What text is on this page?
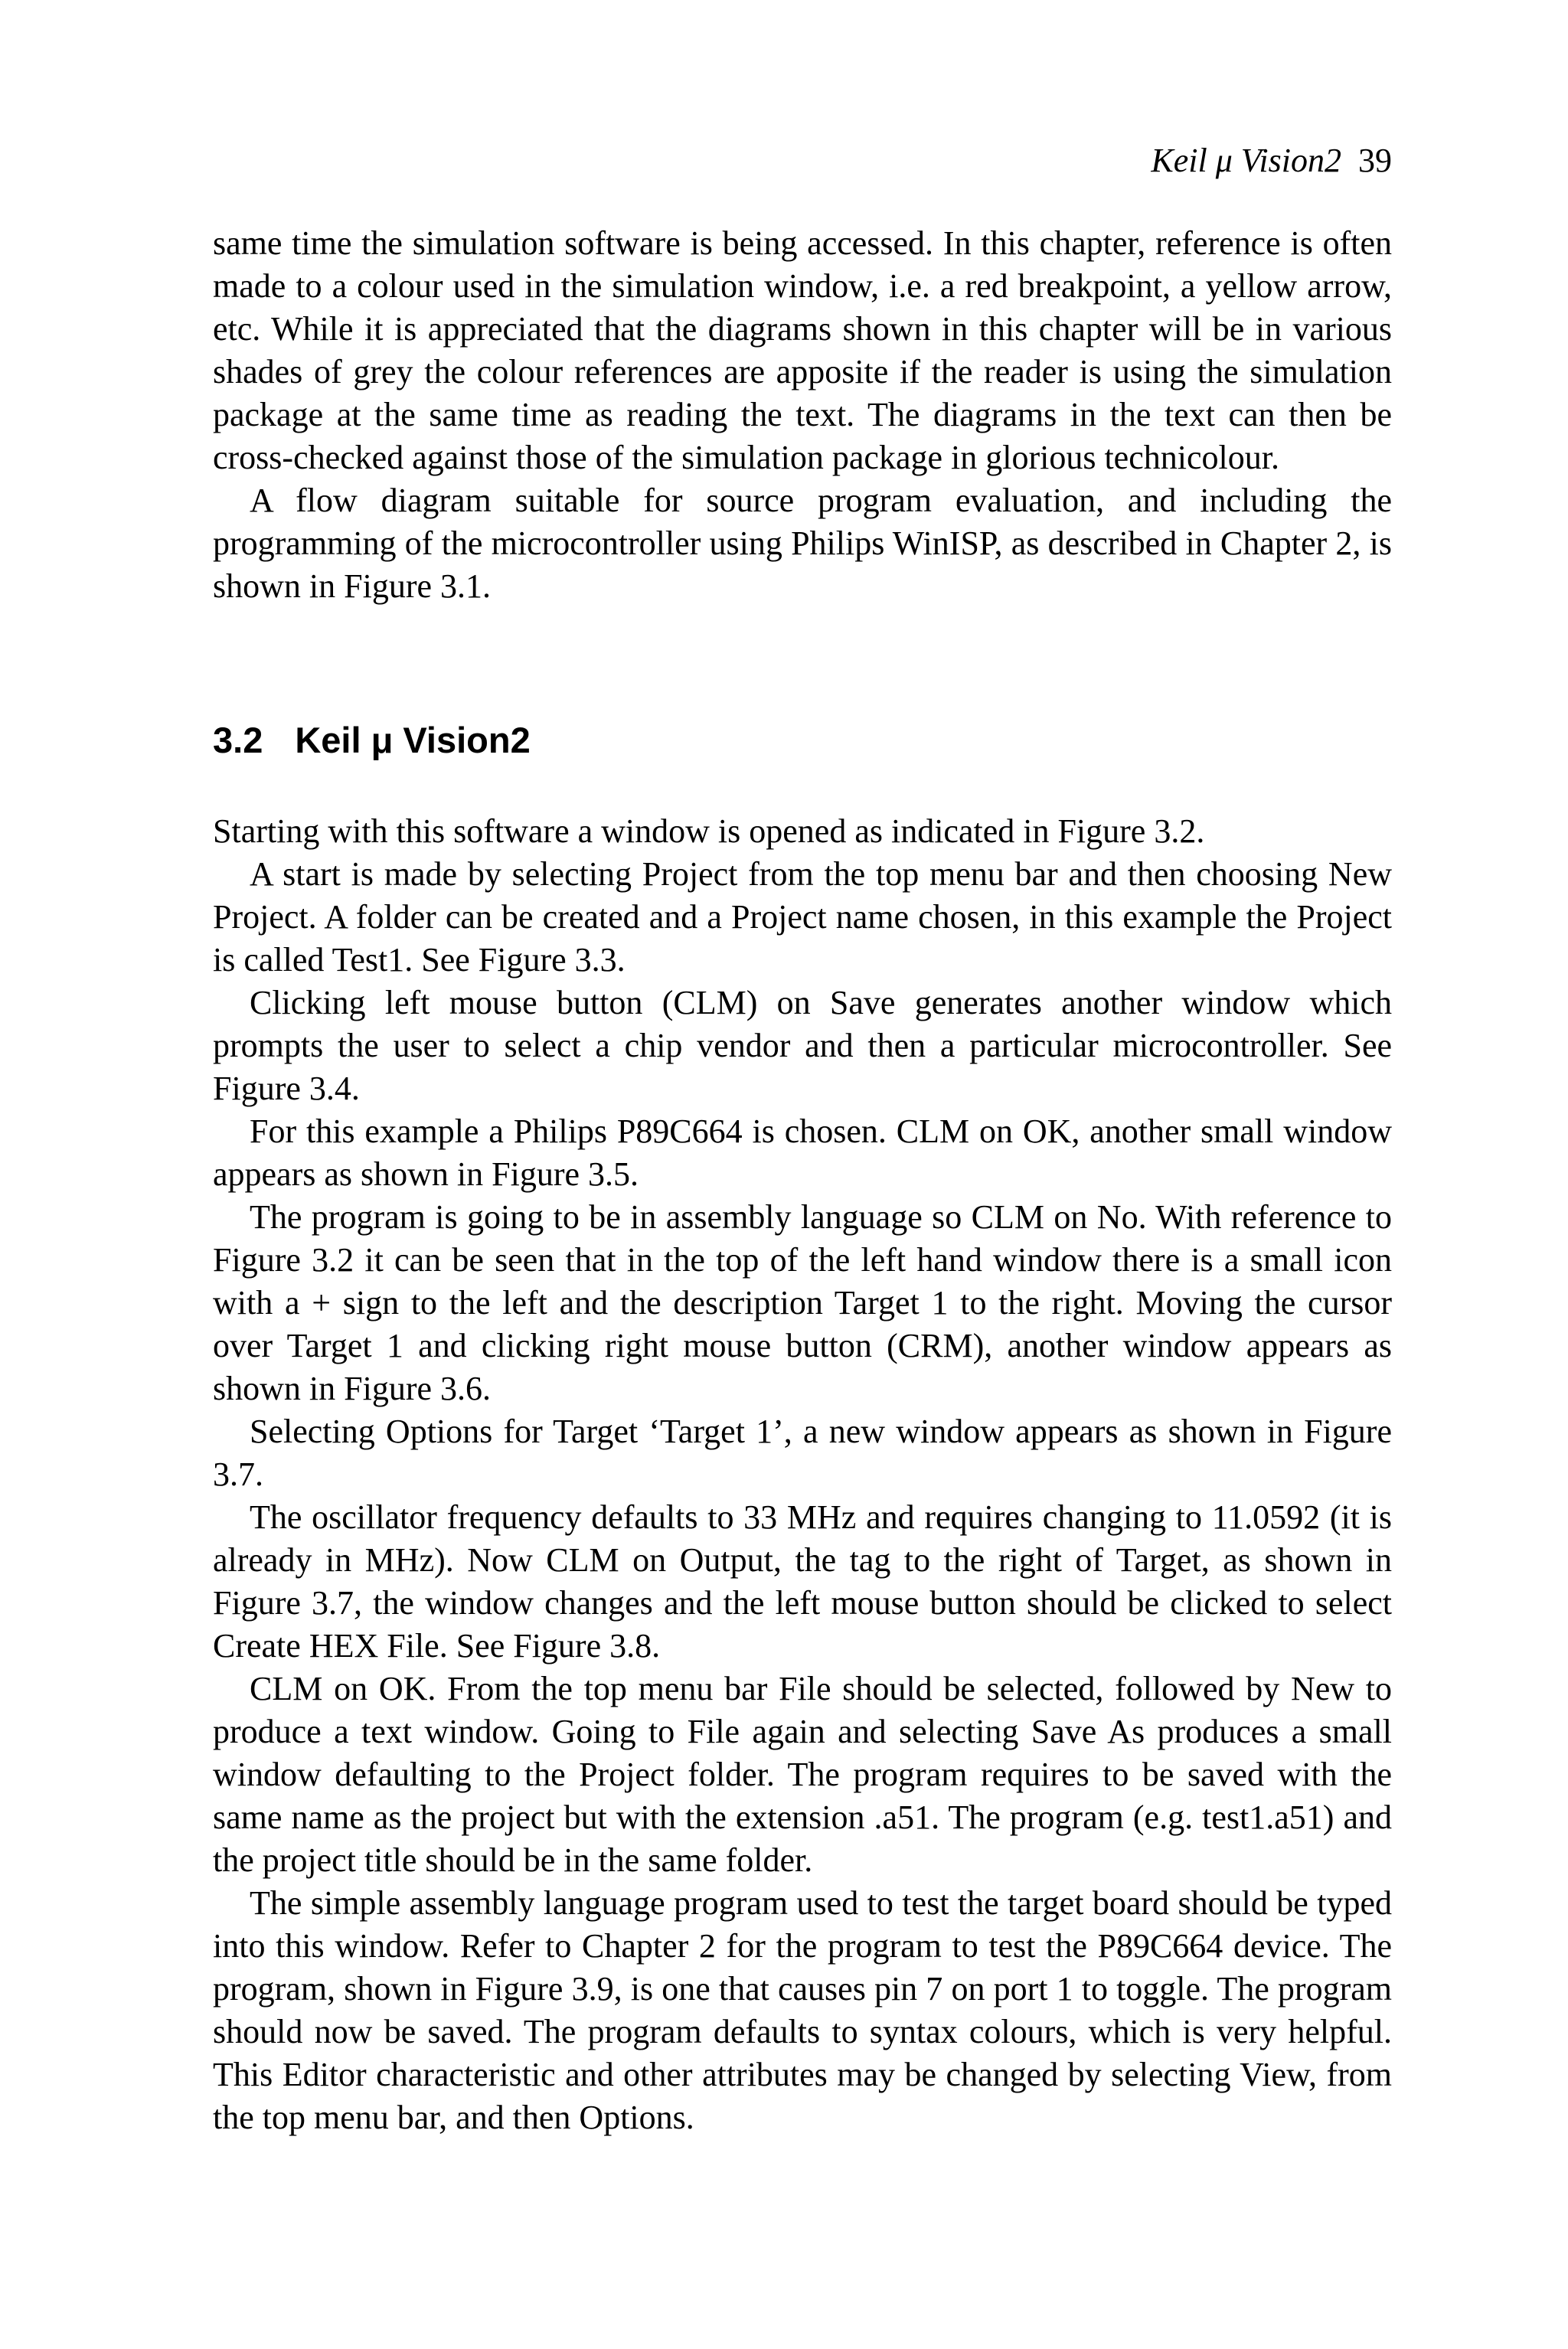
Keil μ Vision2 39

same time the simulation software is being accessed. In this chapter, reference is often made to a colour used in the simulation window, i.e. a red breakpoint, a yellow arrow, etc. While it is appreciated that the diagrams shown in this chapter will be in various shades of grey the colour references are apposite if the reader is using the simulation package at the same time as reading the text. The diagrams in the text can then be cross-checked against those of the simulation package in glorious technicolour.

A flow diagram suitable for source program evaluation, and including the programming of the microcontroller using Philips WinISP, as described in Chapter 2, is shown in Figure 3.1.

3.2 Keil μ Vision2

Starting with this software a window is opened as indicated in Figure 3.2.

A start is made by selecting Project from the top menu bar and then choosing New Project. A folder can be created and a Project name chosen, in this example the Project is called Test1. See Figure 3.3.

Clicking left mouse button (CLM) on Save generates another window which prompts the user to select a chip vendor and then a particular microcontroller. See Figure 3.4.

For this example a Philips P89C664 is chosen. CLM on OK, another small window appears as shown in Figure 3.5.

The program is going to be in assembly language so CLM on No. With reference to Figure 3.2 it can be seen that in the top of the left hand window there is a small icon with a + sign to the left and the description Target 1 to the right. Moving the cursor over Target 1 and clicking right mouse button (CRM), another window appears as shown in Figure 3.6.

Selecting Options for Target ‘Target 1’, a new window appears as shown in Figure 3.7.

The oscillator frequency defaults to 33 MHz and requires changing to 11.0592 (it is already in MHz). Now CLM on Output, the tag to the right of Target, as shown in Figure 3.7, the window changes and the left mouse button should be clicked to select Create HEX File. See Figure 3.8.

CLM on OK. From the top menu bar File should be selected, followed by New to produce a text window. Going to File again and selecting Save As produces a small window defaulting to the Project folder. The program requires to be saved with the same name as the project but with the extension .a51. The program (e.g. test1.a51) and the project title should be in the same folder.

The simple assembly language program used to test the target board should be typed into this window. Refer to Chapter 2 for the program to test the P89C664 device. The program, shown in Figure 3.9, is one that causes pin 7 on port 1 to toggle. The program should now be saved. The program defaults to syntax colours, which is very helpful. This Editor characteristic and other attributes may be changed by selecting View, from the top menu bar, and then Options.
